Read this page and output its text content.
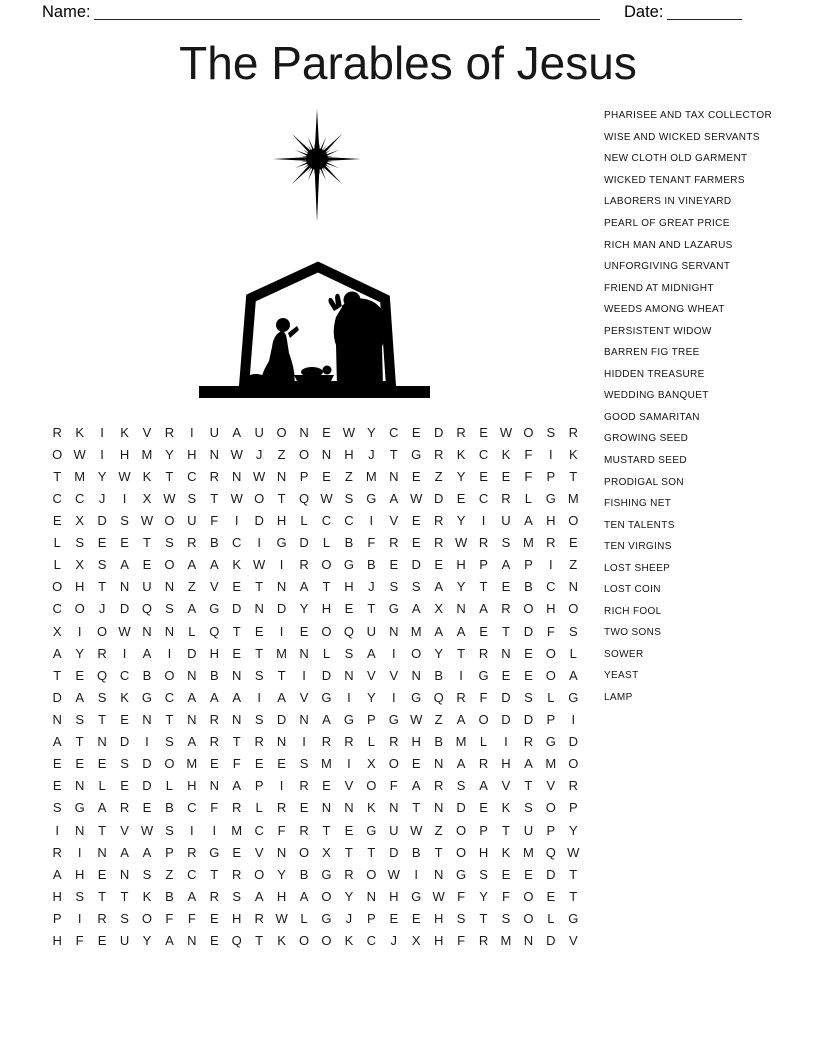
Name:	Date:
The Parables of Jesus
PHARISEE AND TAX COLLECTOR
WISE AND WICKED SERVANTS
NEW CLOTH OLD GARMENT
WICKED TENANT FARMERS
LABORERS IN VINEYARD
PEARL OF GREAT PRICE
RICH MAN AND LAZARUS
UNFORGIVING SERVANT
FRIEND AT MIDNIGHT
WEEDS AMONG WHEAT
PERSISTENT WIDOW
BARREN FIG TREE
HIDDEN TREASURE
WEDDING BANQUET
GOOD SAMARITAN
GROWING SEED
MUSTARD SEED
PRODIGAL SON
FISHING NET
TEN TALENTS
TEN VIRGINS
LOST SHEEP
LOST COIN
RICH FOOL
TWO SONS
SOWER
YEAST
LAMP
R	K	I	K	V	R	I	U	A	U O N	E W Y	C	E	D	R	E W O	S	R
O W	I	H M Y	H	N W	J	Z	O N	H	J	T	G R	K	C	K	F	I	K
T	M Y W K	T	C	R	N W N	P	E	Z	M N	E	Z	Y	E	E	F	P	T
C	C	J	I	X W S	T W O	T	Q W S	G	A W D	E	C	R	L	G M
E	X	D	S W O U	F	I	D	H	L	C	C	I	V	E	R	Y	I	U	A	H O
L	S	E	E	T	S	R	B	C	I	G D	L	B	F	R	E	R W R	S M R	E
L	X	S	A	E	O	A	A	K W	I	R O G	B	E	D	E	H	P	A	P	I	Z
O H	T	N	U	N	Z	V	E	T	N	A	T	H	J	S	S	A	Y	T	E	B	C	N
C O	J	D Q	S	A	G D	N	D	Y	H	E	T	G	A	X	N	A	R O H O
X	I	O W N	N	L	Q	T	E	I	E	O Q U	N M A	A	E	T	D	F	S
A	Y	R	I	A	I	D	H	E	T	M N	L	S	A	I	O	Y	T	R	N	E	O	L
T	E	Q C	B	O N	B	N	S	T	I	D	N	V	V	N	B	I	G	E	E	O	A
D	A	S	K	G C	A	A	A	I	A	V	G	I	Y	I	G Q R	F	D	S	L	G
N	S	T	E	N	T	N	R	N	S	D	N	A	G	P	G W Z	A	O D	D	P	I
A	T	N	D	I	S	A	R	T	R	N	I	R	R	L	R	H	B M	L	I	R G D
E	E	E	S	D O M E	F	E	E	S M	I	X	O	E	N	A	R	H	A M O
E	N	L	E	D	L	H	N	A	P	I	R	E	V	O	F	A	R	S	A	V	T	V	R
S	G	A	R	E	B	C	F	R	L	R	E	N	N	K	N	T	N	D	E	K	S	O	P
I	N	T	V W S	I	I	M C	F	R	T	E	G U W Z	O	P	T	U	P	Y
R	I	N	A	A	P	R G	E	V	N O	X	T	T	D	B	T	O H	K M Q W
A	H	E	N	S	Z	C	T	R O	Y	B	G R O W	I	N G	S	E	E	D	T
H	S	T	T	K	B	A	R	S	A	H	A	O	Y	N	H G W F	Y	F	O	E	T
P	I	R	S	O	F	F	E	H	R W L	G	J	P	E	E	H	S	T	S	O	L	G
H	F	E	U	Y	A	N	E	Q	T	K	O O	K	C	J	X	H	F	R M N	D	V
